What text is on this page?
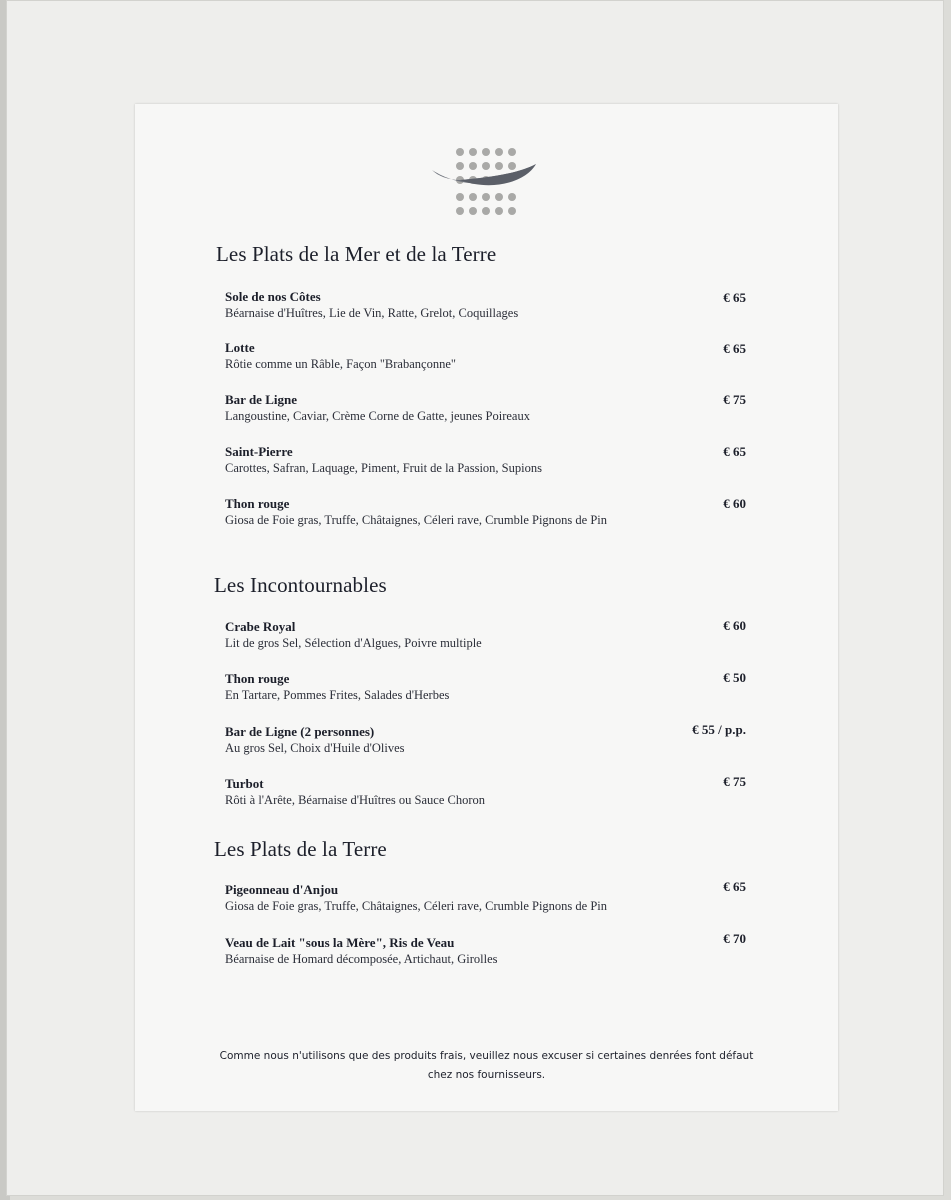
Les Plats de la Mer et de la Terre
Sole de nos Côtes
Béarnaise d'Huîtres, Lie de Vin, Ratte, Grelot, Coquillages
€ 65
Lotte
Rôtie comme un Râble, Façon "Brabançonne"
€ 65
Bar de Ligne
Langoustine, Caviar, Crème Corne de Gatte, jeunes Poireaux
€ 75
Saint-Pierre
Carottes, Safran, Laquage, Piment, Fruit de la Passion, Supions
€ 65
Thon rouge
Giosa de Foie gras, Truffe, Châtaignes, Céleri rave, Crumble Pignons de Pin
€ 60
Les Incontournables
Crabe Royal
Lit de gros Sel, Sélection d'Algues, Poivre multiple
€ 60
Thon rouge
En Tartare, Pommes Frites, Salades d'Herbes
€ 50
Bar de Ligne (2 personnes)
Au gros Sel, Choix d'Huile d'Olives
€ 55 / p.p.
Turbot
Rôti à l'Arête, Béarnaise d'Huîtres ou Sauce Choron
€ 75
Les Plats de la Terre
Pigeonneau d'Anjou
Giosa de Foie gras, Truffe, Châtaignes, Céleri rave, Crumble Pignons de Pin
€ 65
Veau de Lait "sous la Mère", Ris de Veau
Béarnaise de Homard décomposée, Artichaut, Girolles
€ 70
Comme nous n'utilisons que des produits frais, veuillez nous excuser si certaines denrées font défaut
chez nos fournisseurs.
